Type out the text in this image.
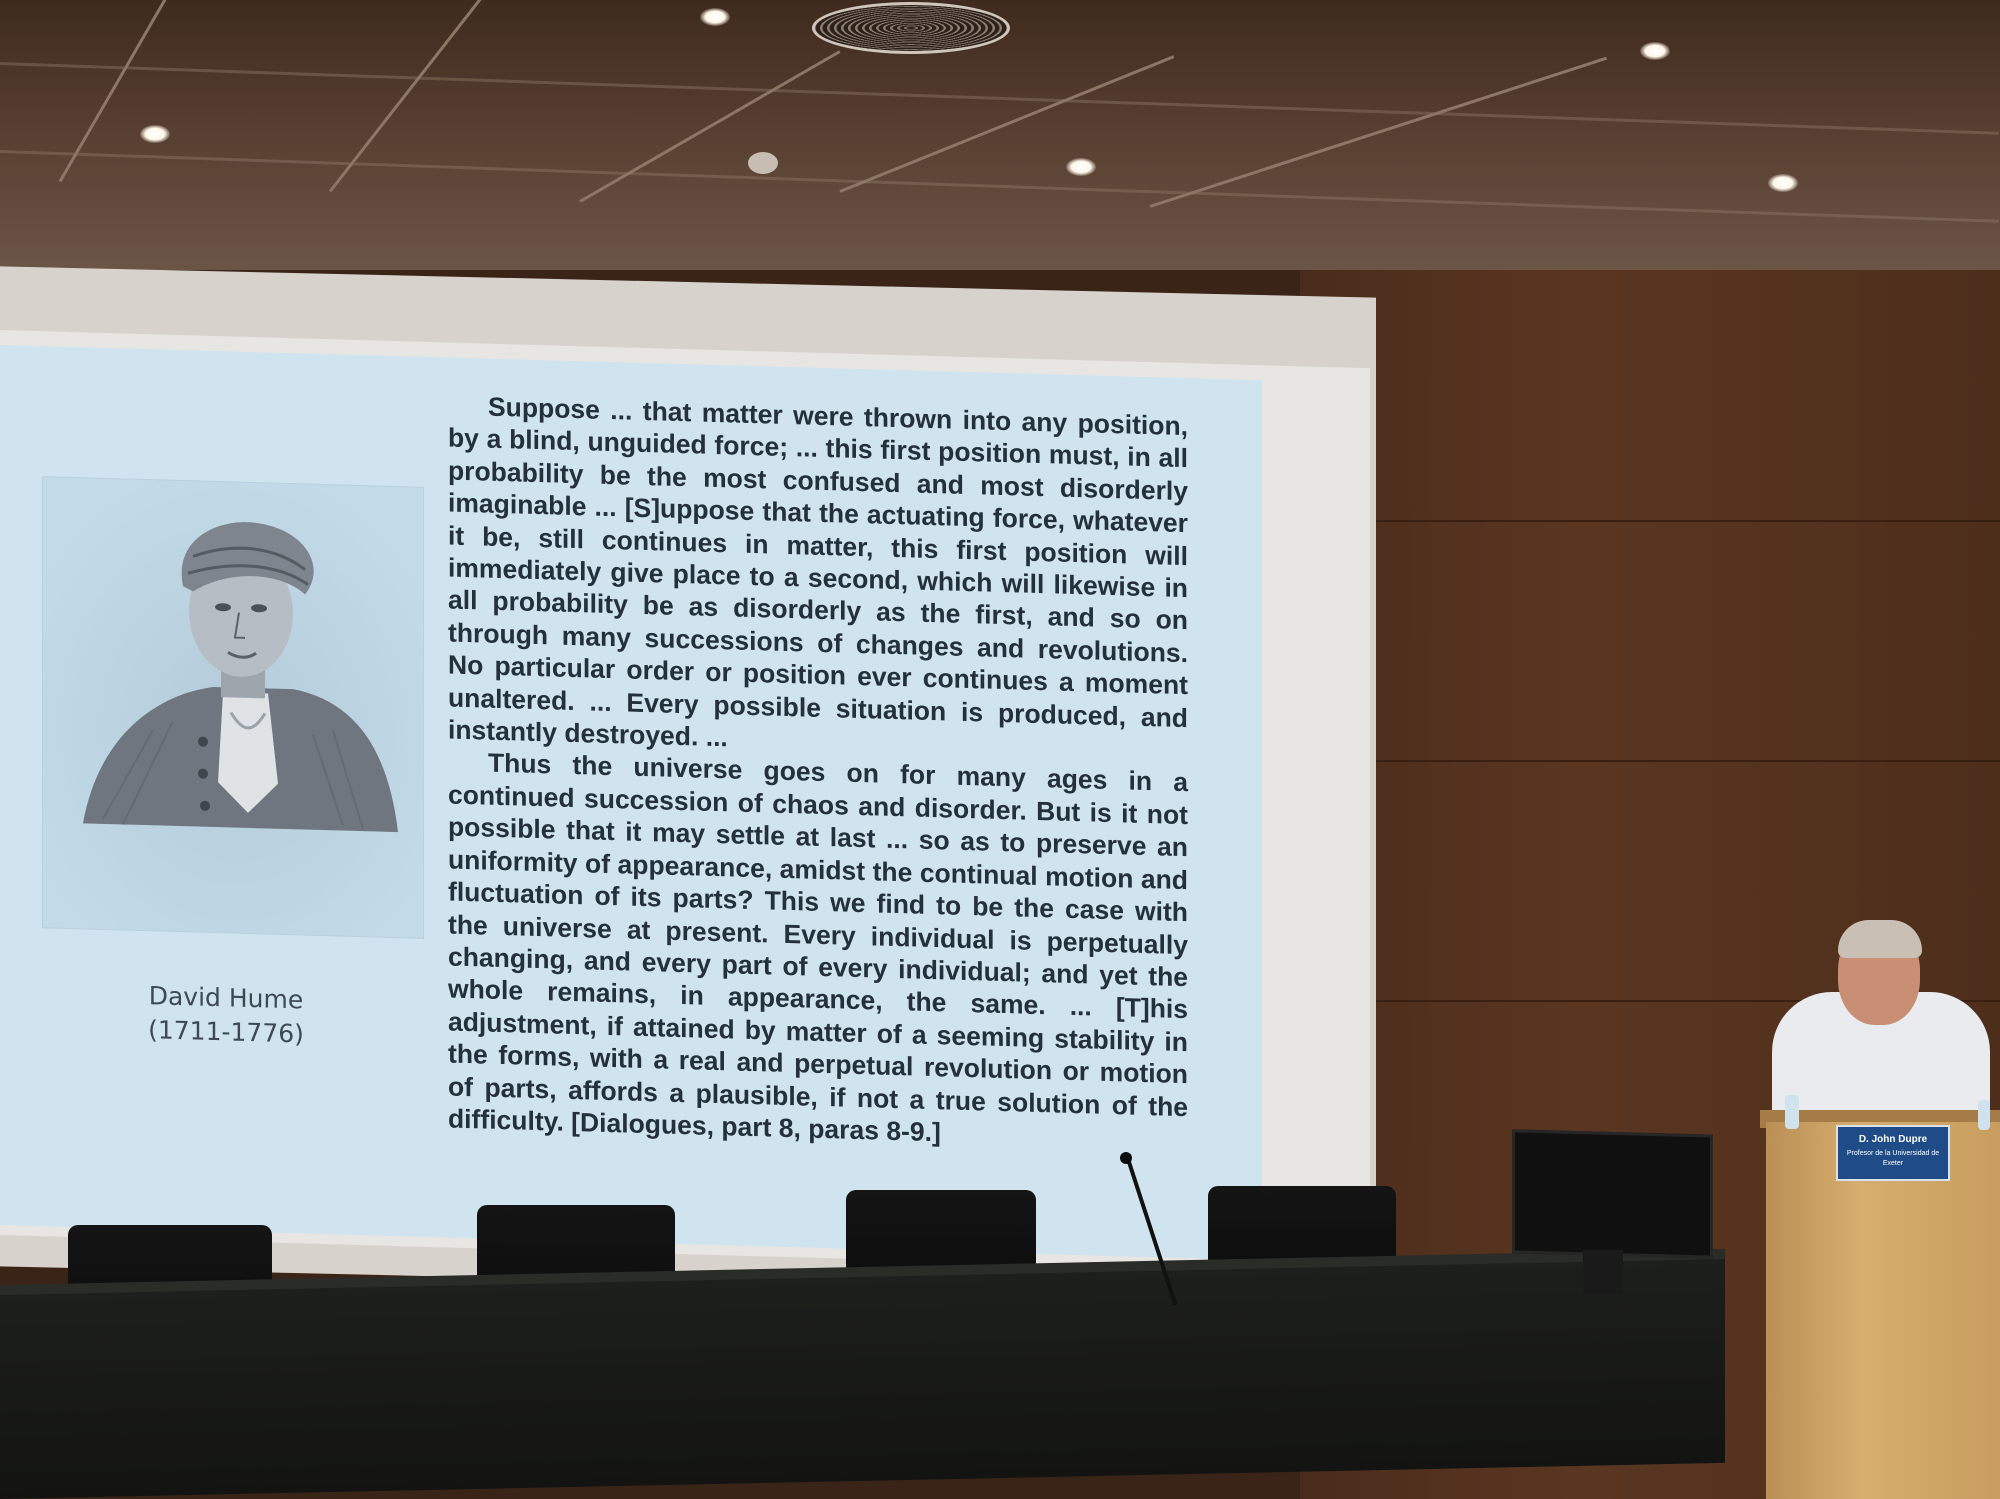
David Hume
(1711-1776)

Suppose ... that matter were thrown into any position, by a blind, unguided force; ... this first position must, in all probability be the most confused and most disorderly imaginable ... [S]uppose that the actuating force, whatever it be, still continues in matter, this first position will immediately give place to a second, which will likewise in all probability be as disorderly as the first, and so on through many successions of changes and revolutions. No particular order or position ever continues a moment unaltered. ... Every possible situation is produced, and instantly destroyed. ...

Thus the universe goes on for many ages in a continued succession of chaos and disorder. But is it not possible that it may settle at last ... so as to preserve an uniformity of appearance, amidst the continual motion and fluctuation of its parts? This we find to be the case with the universe at present. Every individual is perpetually changing, and every part of every individual; and yet the whole remains, in appearance, the same. ... [T]his adjustment, if attained by matter of a seeming stability in the forms, with a real and perpetual revolution or motion of parts, affords a plausible, if not a true solution of the difficulty. [Dialogues, part 8, paras 8-9.]	D. John Dupre
Profesor de la Universidad de Exeter
